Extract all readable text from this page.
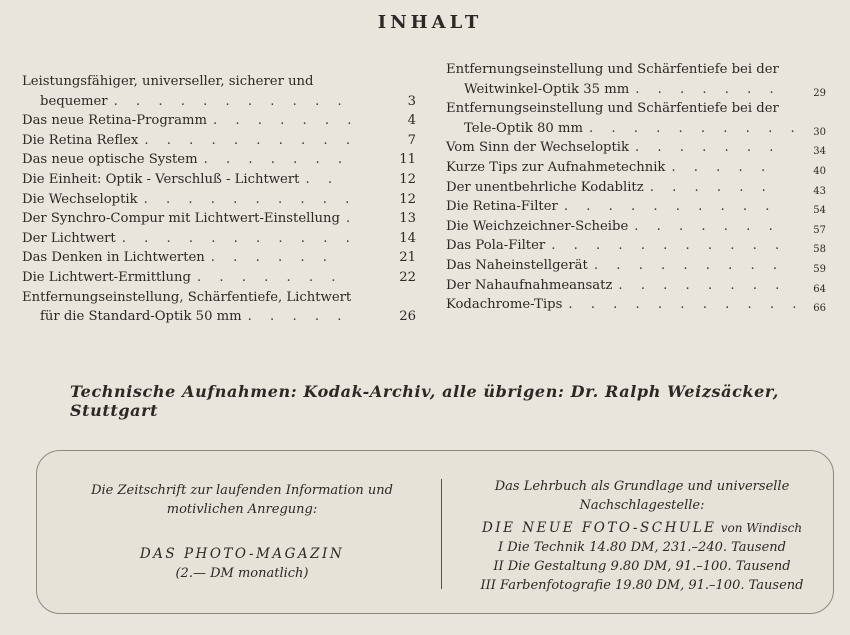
INHALT
Leistungsfähiger, universeller, sicherer und
bequemer . . . . . . . . . . .	3
Das neue Retina-Programm . . . . . . .	4
Die Retina Reflex . . . . . . . . . .	7
Das neue optische System . . . . . . .	11
Die Einheit: Optik - Verschluß - Lichtwert . .	12
Die Wechseloptik . . . . . . . . . .	12
Der Synchro-Compur mit Lichtwert-Einstellung .	13
Der Lichtwert . . . . . . . . . . .	14
Das Denken in Lichtwerten . . . . . .	21
Die Lichtwert-Ermittlung . . . . . . .	22
Entfernungseinstellung, Schärfentiefe, Lichtwert
für die Standard-Optik 50 mm . . . . .	26
Entfernungseinstellung und Schärfentiefe bei der
Weitwinkel-Optik 35 mm . . . . . . .	29
Entfernungseinstellung und Schärfentiefe bei der
Tele-Optik 80 mm . . . . . . . . . . 30
Vom Sinn der Wechseloptik . . . . . . .	34
Kurze Tips zur Aufnahmetechnik . . . . .	40
Der unentbehrliche Kodablitz . . . . . .	43
Die Retina-Filter . . . . . . . . . .	54
Die Weichzeichner-Scheibe . . . . . . .	57
Das Pola-Filter . . . . . . . . . . .	58
Das Naheinstellgerät . . . . . . . . .	59
Der Nahaufnahmeansatz . . . . . . . .	64
Kodachrome-Tips . . . . . . . . . . . 66
Technische Aufnahmen: Kodak-Archiv, alle übrigen: Dr. Ralph Weizsäcker, Stuttgart
Die Zeitschrift zur laufenden Information und
motivlichen Anregung:
DAS PHOTO-MAGAZIN
(2.— DM monatlich)
Das Lehrbuch als Grundlage und universelle
Nachschlagestelle:
DIE NEUE FOTO-SCHULE von Windisch
I Die Technik 14.80 DM, 231.–240. Tausend
II Die Gestaltung 9.80 DM, 91.–100. Tausend
III Farbenfotografie 19.80 DM, 91.–100. Tausend
